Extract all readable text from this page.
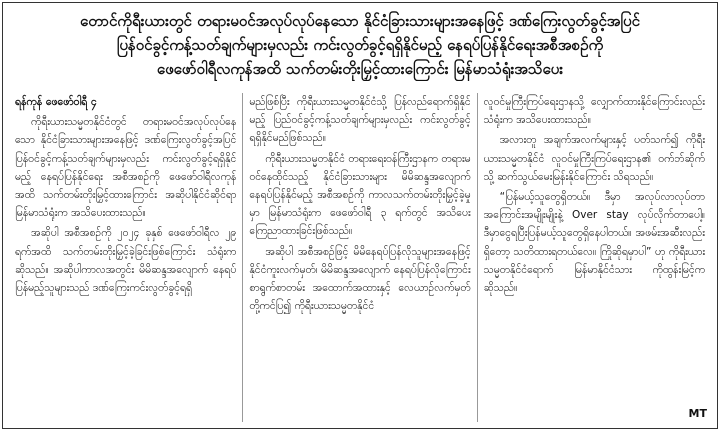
တောင်ကိုရီးယားတွင် တရားမဝင်အလုပ်လုပ်နေသော နိုင်ငံခြားသားများအနေဖြင့် ဒဏ်ကြေးလွတ်ခွင့်အပြင်
ပြန်ဝင်ခွင့်ကန့်သတ်ချက်များမှလည်း ကင်းလွတ်ခွင့်ရရှိနိုင်မည့် နေရပ်ပြန်နိုင်ရေးအစီအစဉ်ကို
ဖေဖော်ဝါရီလကုန်အထိ သက်တမ်းတိုးမြှင့်ထားကြောင်း မြန်မာသံရုံးအသိပေး

ရန်ကုန် ဖေဖော်ဝါရီ ၄

ကိုရီးယားသမ္မတနိုင်ငံတွင် တရားမဝင်အလုပ်လုပ်နေသော နိုင်ငံခြားသားများအနေဖြင့် ဒဏ်ကြေးလွတ်ခွင့်အပြင် ပြန်ဝင်ခွင့်ကန့်သတ်ချက်များမှလည်း ကင်းလွတ်ခွင့်ရရှိနိုင်မည့် နေရပ်ပြန်နိုင်ရေး အစီအစဉ်ကို ဖေဖော်ဝါရီလကုန်အထိ သက်တမ်းတိုးမြှင့်ထားကြောင်း အဆိုပါနိုင်ငံဆိုင်ရာ မြန်မာသံရုံးက အသိပေးထားသည်။

အဆိုပါ အစီအစဉ်ကို ၂၀၂၄ ခုနှစ် ဖေဖော်ဝါရီလ ၂၉ ရက်အထိ သက်တမ်းတိုးမြှင့်ခဲ့ခြင်းဖြစ်ကြောင်း သံရုံးက ဆိုသည်။ အဆိုပါကာလအတွင်း မိမိဆန္ဒအလျောက် နေရပ်ပြန်မည့်သူများသည် ဒဏ်ကြေးကင်းလွတ်ခွင့်ရရှိ

မည်ဖြစ်ပြီး ကိုရီးယားသမ္မတနိုင်ငံသို့ ပြန်လည်ရောက်ရှိနိုင်မည့် ပြည်ဝင်ခွင့်ကန့်သတ်ချက်များမှလည်း ကင်းလွတ်ခွင့် ရရှိနိုင်မည်ဖြစ်သည်။

ကိုရီးယားသမ္မတနိုင်ငံ တရားရေးဝန်ကြီးဌာနက တရားမဝင်နေထိုင်သည့် နိုင်ငံခြားသားများ မိမိဆန္ဒအလျောက် နေရပ်ပြန်နိုင်မည့် အစီအစဉ်ကို ကာလသက်တမ်းတိုးမြှင့်ခဲ့မှုမှာ မြန်မာသံရုံးက ဖေဖော်ဝါရီ ၃ ရက်တွင် အသိပေးကြေညာထားခြင်းဖြစ်သည်။

အဆိုပါ အစီအစဉ်ဖြင့် မိမိနေရပ်ပြန်လိုသူများအနေဖြင့် နိုင်ငံကူးလက်မှတ်၊ မိမိဆန္ဒအလျောက် နေရပ်ပြန်လိုကြောင်း စာရွက်စာတမ်း အထောက်အထားနှင့် လေယာဉ်လက်မှတ်တို့ကင်ပြ၍ ကိုရီးယားသမ္မတနိုင်ငံ

လူဝင်မှုကြီးကြပ်ရေးဌာနသို့ လျှောက်ထားနိုင်ကြောင်းလည်း သံရုံးက အသိပေးထားသည်။

အလားတူ အချက်အလက်များနှင့် ပတ်သက်၍ ကိုရီးယားသမ္မတနိုင်ငံ လူဝင်မှုကြီးကြပ်ရေးဌာန၏ ဝက်ဘ်ဆိုက်သို့ ဆက်သွယ်မေးမြန်းနိုင်ကြောင်း သိရသည်။

“ပြန်မယ့်သူတွေရှိတယ်။ ဒီမှာ အလုပ်လာလုပ်တာ အကြောင်းအမျိုးမျိုးနဲ့ Over stay လုပ်လိုက်တာပေါ့။ ဒီမှာငွေရပြီးပြန်မယ့်သူတွေရှိနေပါတယ်။ အဖမ်းအဆီးလည်းရှိတော့ သတိထားရတယ်လေ။ ကြိုဆိုရမှာပါ” ဟု ကိုရီးယားသမ္မတနိုင်ငံရောက် မြန်မာနိုင်ငံသား ကိုထွန်းမြင့်က ဆိုသည်။

MT
